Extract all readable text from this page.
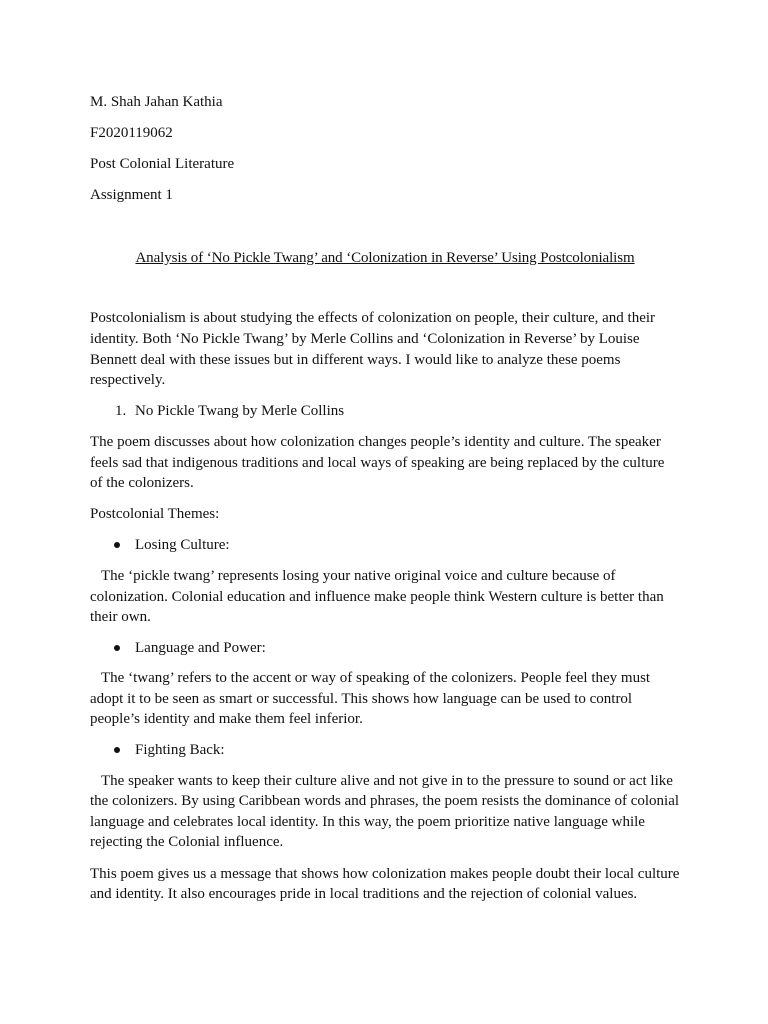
M. Shah Jahan Kathia

F2020119062

Post Colonial Literature

Assignment 1

Analysis of ‘No Pickle Twang’ and ‘Colonization in Reverse’ Using Postcolonialism

Postcolonialism is about studying the effects of colonization on people, their culture, and their identity. Both ‘No Pickle Twang’ by Merle Collins and ‘Colonization in Reverse’ by Louise Bennett deal with these issues but in different ways. I would like to analyze these poems respectively.

1. No Pickle Twang by Merle Collins

The poem discusses about how colonization changes people’s identity and culture. The speaker feels sad that indigenous traditions and local ways of speaking are being replaced by the culture of the colonizers.

Postcolonial Themes:

Losing Culture:

The ‘pickle twang’ represents losing your native original voice and culture because of colonization. Colonial education and influence make people think Western culture is better than their own.

Language and Power:

The ‘twang’ refers to the accent or way of speaking of the colonizers. People feel they must adopt it to be seen as smart or successful. This shows how language can be used to control people’s identity and make them feel inferior.

Fighting Back:

The speaker wants to keep their culture alive and not give in to the pressure to sound or act like the colonizers. By using Caribbean words and phrases, the poem resists the dominance of colonial language and celebrates local identity. In this way, the poem prioritize native language while rejecting the Colonial influence.

This poem gives us a message that shows how colonization makes people doubt their local culture and identity. It also encourages pride in local traditions and the rejection of colonial values.
